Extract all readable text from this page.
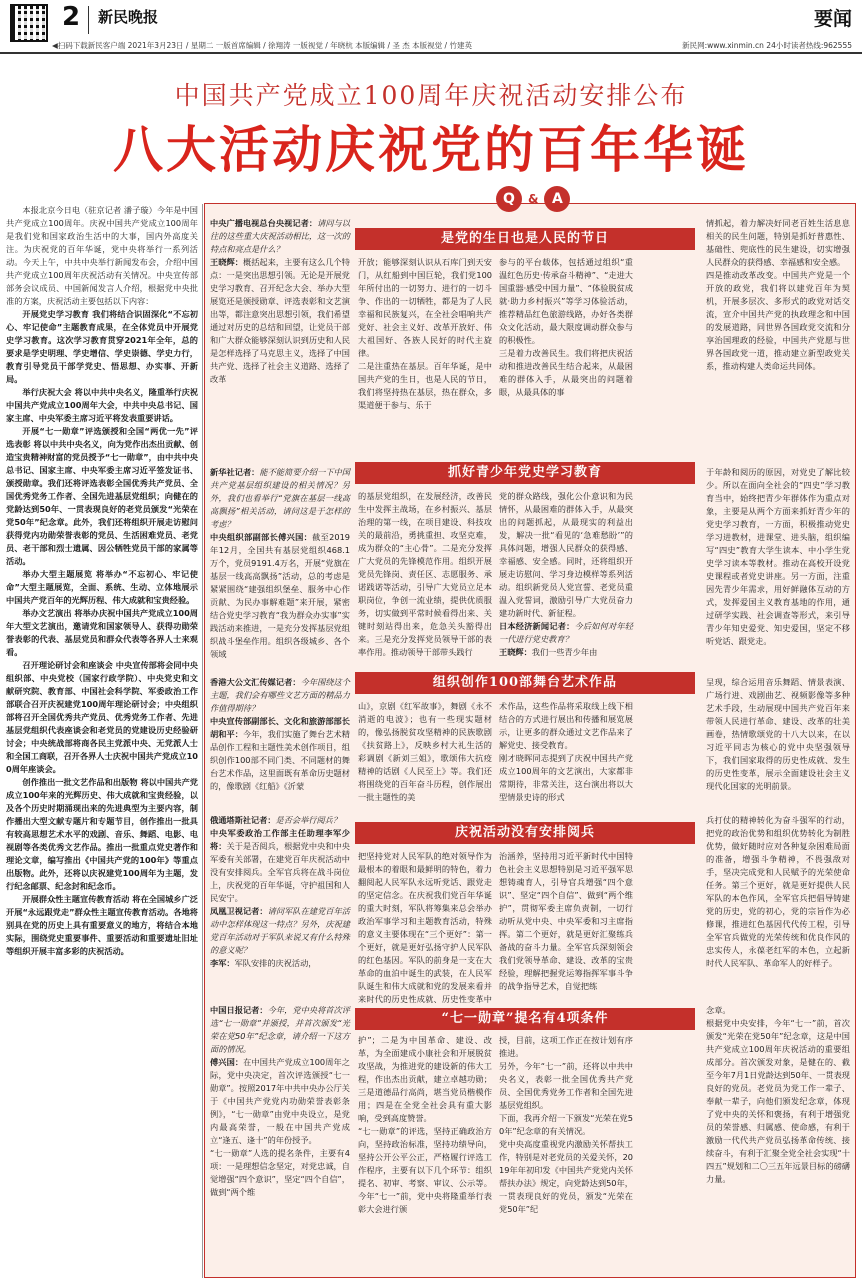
2 新民晚报	要闻
◀扫码下载新民客户端 2021年3月23日 / 星期二 一版首席编辑 / 徐翔涛 一版视觉 / 年晓杭 本版编辑 / 圣 杰 本版视觉 / 竹建英	新民网:www.xinmin.cn 24小时读者热线:962555
中国共产党成立100周年庆祝活动安排公布
八大活动庆祝党的百年华诞

本报北京今日电（驻京记者 潘子璇）今年是中国共产党成立100周年。庆祝中国共产党成立100周年是我们党和国家政治生活中的大事，国内外高度关注。为庆祝党的百年华诞，党中央将举行一系列活动。今天上午，中共中央举行新闻发布会，介绍中国共产党成立100周年庆祝活动有关情况。中央宣传部部务会议成员、中国新闻发言人介绍，根据党中央批准的方案，庆祝活动主要包括以下内容：

开展党史学习教育 我们将结合识固深化“不忘初心、牢记使命”主题教育成果，在全体党员中开展党史学习教育。这次学习教育贯穿2021年全年，总的要求是学史明理、学史增信、学史崇德、学史力行，教育引导党员干部学党史、悟思想、办实事、开新局。

举行庆祝大会 将以中共中央名义，隆重举行庆祝中国共产党成立100周年大会，中共中央总书记、国家主席、中央军委主席习近平将发表重要讲话。

开展“七一勋章”评选颁授和全国“两优一先”评选表彰 将以中共中央名义，向为党作出杰出贡献、创造宝贵精神财富的党员授予“七一勋章”，由中共中央总书记、国家主席、中央军委主席习近平签发证书、颁授勋章。我们还将评选表彰全国优秀共产党员、全国优秀党务工作者、全国先进基层党组织；向健在的党龄达到50年、一贯表现良好的老党员颁发“光荣在党50年”纪念章。此外，我们还将组织开展走访慰问获得党内功勋荣誉表彰的党员、生活困难党员、老党员、老干部和烈士遗属、因公牺牲党员干部的家属等活动。

举办大型主题展览 将举办“不忘初心、牢记使命”大型主题展览，全面、系统、生动、立体地展示中国共产党百年的光辉历程、伟大成就和宝贵经验。

举办文艺演出 将举办庆祝中国共产党成立100周年大型文艺演出，邀请党和国家领导人、获得功勋荣誉表彰的代表、基层党员和群众代表等各界人士来观看。

召开理论研讨会和座谈会 中央宣传部将会同中央组织部、中央党校（国家行政学院）、中央党史和文献研究院、教育部、中国社会科学院、军委政治工作部联合召开庆祝建党100周年理论研讨会；中央组织部将召开全国优秀共产党员、优秀党务工作者、先进基层党组织代表座谈会和老党员的党建设历史经验研讨会；中央统战部将商各民主党派中央、无党派人士和全国工商联，召开各界人士庆祝中国共产党成立100周年座谈会。

创作推出一批文艺作品和出版物 将以中国共产党成立100年来的光辉历史、伟大成就和宝贵经验，以及各个历史时期涌现出来的先进典型为主要内容，制作播出大型文献专题片和专题节目，创作推出一批具有较高思想艺术水平的戏剧、音乐、舞蹈、电影、电视剧等各类优秀文艺作品。推出一批重点党史著作和理论文章，编写推出《中国共产党的100年》等重点出版物。此外，还将以庆祝建党100周年为主题，发行纪念邮票、纪念封和纪念币。

开展群众性主题宣传教育活动 将在全国城乡广泛开展“永远跟党走”群众性主题宣传教育活动。各地将别具在党的历史上具有重要意义的地方，将结合本地实际，围绕党史重要事件、重要活动和重要遗址旧址等组织开展丰富多彩的庆祝活动。

Q	& A
是党的生日也是人民的节日
中央广播电视总台央视记者：请问与以往的这些重大庆祝活动相比，这一次的特点和亮点是什么？
王晓辉：概括起来，主要有这么几个特点：一是突出思想引领。无论是开展党史学习教育、召开纪念大会、举办大型展览还是颁授勋章、评选表彰和文艺演出等，都注意突出思想引领，我们希望通过对历史的总结和回望，让党员干部和广大群众能够深刻认识到历史和人民是怎样选择了马克思主义，选择了中国共产党、选择了社会主义道路、选择了改革
开放；能够深刻认识从石库门到天安门，从红船到中国巨轮，我们党100年所付出的一切努力、进行的一切斗争、作出的一切牺牲，都是为了人民幸福和民族复兴，在全社会唱响共产党好、社会主义好、改革开放好、伟大祖国好、各族人民好的时代主旋律。
二是注重热在基层。百年华诞，是中国共产党的生日，也是人民的节日，我们将坚持热在基层，热在群众，多渠道便于参与、乐于
参与的平台载体，包括通过组织“重温红色历史·传承奋斗精神”、“走进大国重器·感受中国力量”、“体验脱贫成就·助力乡村振兴”等学习体验活动，推荐精品红色旅游线路，办好各类群众文化活动，最大限度调动群众参与的积极性。
三是着力改善民生。我们将把庆祝活动和推进改善民生结合起来，从最困难的群体入手，从最突出的问题着眼，从最具体的事
情抓起，着力解决好同老百姓生活息息相关的民生问题，特别是抓好普惠性、基础性、兜底性的民生建设，切实增强人民群众的获得感、幸福感和安全感。
四是推动改革改变。中国共产党是一个开放的政党，我们将以建党百年为契机，开展多层次、多形式的政党对话交流，宣介中国共产党的执政理念和中国的发展道路，同世界各国政党交流和分享治国理政的经验，中国共产党愿与世界各国政党一道，推动建立新型政党关系，推动构建人类命运共同体。
抓好青少年党史学习教育
新华社记者：能不能简要介绍一下中国共产党基层组织建设的相关情况？另外，我们也看举行“党旗在基层一线高高飘扬”相关活动，请问这是于怎样的考虑？
中央组织部副部长傅兴国：截至2019年12月，全国共有基层党组织468.1万个，党员9191.4万名，开展“党旗在基层一线高高飘扬”活动，总的考虑是紧紧围绕“建强组织堡垒、服务中心作贡献、为民办事解难题”来开展，紧密结合党史学习教育“我为群众办实事”实践活动来推进，一是充分发挥基层党组织战斗堡垒作用。组织各级城乡、各个领域
的基层党组织，在发展经济，改善民生中发挥主战场，在乡村振兴、基层治理的第一线，在项目建设、科技攻关的最前沿，勇挑重担、攻坚克难，成为群众的“主心骨”。二是充分发挥广大党员的先锋模范作用。组织开展党员先锋岗、责任区、志愿服务、承诺践诺等活动，引导广大党员立足本职岗位，争创一流业绩，提供优质服务，切实做到平常时候看得出来、关键时刻站得出来，危急关头豁得出来。三是充分发挥党员领导干部的表率作用。推动领导干部带头践行
党的群众路线，强化公仆意识和为民情怀，从最困难的群体入手，从最突出的问题抓起，从最现实的利益出发，解决一批“看见的‘急难愁盼’”的具体问题，增强人民群众的获得感、幸福感、安全感。同时，还将组织开展走访慰问、学习身边模样等系列活动。组织新党员人党宣誓、老党员重温入党誓词，激励引导广大党员奋力建功新时代、新征程。
日本经济新闻记者：今后如何对年轻一代进行党史教育？
王晓辉：我们一些青少年由
于年龄和阅历的原因，对党史了解比较少。所以在面向全社会的“四史”学习教育当中，始终把青少年群体作为重点对象，主要是从两个方面来抓好青少年的党史学习教育，一方面，积极推动党史学习进教材，进课堂、进头脑，组织编写“四史”教育大学生读本、中小学生党史学习读本等教材。推动在高校开设党史课程或者党史讲座。另一方面，注重因先青少年需求，用好鲜融体互动的方式，发挥爱国主义教育基地的作用，通过研学实践、社会调查等形式，来引导青少年知史爱党、知史爱国，坚定不移听党话、跟党走。
组织创作100部舞台艺术作品
香港大公文汇传媒记者：今年围绕这个主题，我们会有哪些文艺方面的精品力作值得期待？
中央宣传部副部长、文化和旅游部部长胡和平：今年，我们实施了舞台艺术精品创作工程和主题性美术创作项目，组织创作100部不同门类、不同题材的舞台艺术作品，这里面既有革命历史题材的，像歌剧《红船》《沂蒙
山》，京剧《红军故事》，舞剧《永不消逝的电波》；也有一些现实题材的，像弘扬脱贫攻坚精神的民族歌剧《扶贫路上》，反映乡村大礼生活的彩调剧《新刘三姐》，歌颂伟大抗疫精神的话剧《人民至上》等。我们还将围绕党的百年奋斗历程，创作展出一批主题性的美
术作品，这些作品将采取线上线下相结合的方式进行展出和传播和展览展示，让更多的群众通过文艺作品来了解党史、接受教育。
刚才晓晖同志提到了庆祝中国共产党成立100周年的文艺演出，大家都非常期待，非常关注，这台演出将以大型情景史诗的形式
呈现，综合运用音乐舞蹈、情景表演、广场行进、戏剧曲艺、视频影像等多种艺术手段，生动展现中国共产党百年来带领人民进行革命、建设、改革的壮美画卷，热情歌颂党的十八大以来，在以习近平同志为核心的党中央坚强领导下，我们国家取得的历史性成就、发生的历史性变革，展示全面建设社会主义现代化国家的光明前景。
庆祝活动没有安排阅兵
俄通塔斯社记者：是否会举行阅兵？
中央军委政治工作部主任助理李军少将：关于是否阅兵，根据党中央和中央军委有关部署，在建党百年庆祝活动中没有安排阅兵。全军官兵将在战斗岗位上，庆祝党的百年华诞，守护祖国和人民安宁。
凤凰卫视记者：请问军队在建党百年活动中怎样体现这一特点？另外，庆祝建党百年活动对于军队来说又有什么特殊的意义呢？
李军：军队安排的庆祝活动，
把坚持党对人民军队的绝对领导作为最根本的着眼和最鲜明的特色，着力翻阅起人民军队永远听党话、跟党走的坚定信念。在庆祝我们党百年华诞的重大时刻，军队将筹集来总会举办政治军事学习和主题教育活动，特殊的意义主要体现在“三个更好”：第一个更好，就是更好弘扬守护人民军队的红色基因。军队的前身是一支在大革命的血泊中诞生的武装，在人民军队诞生和伟大成就和党的发展来看并来时代的历史性成就、历史性变革中
治涵养，坚持用习近平新时代中国特色社会主义思想特别是习近平强军思想铸魂育人，引导官兵增强“四个意识”、坚定“四个自信”、做到“两个维护”，贯彻军委主席负责制，一切行动听从党中央、中央军委和习主席指挥。第二个更好，就是更好汇聚练兵备战的奋斗力量。全军官兵深刻领会我们党领导革命、建设、改革的宝贵经验，理解把握党运筹指挥军事斗争的战争指导艺术，自觉把练
兵打仗的精神转化为奋斗强军的行动，把党的政治优势和组织优势转化为制胜优势，做好随时应对各种复杂困难局面的准备，增强斗争精神，不畏强敌对手，坚决完成党和人民赋予的光荣使命任务。第三个更好，就是更好提供人民军队的本色作风，全军官兵把倡导铸建党的历史，党的初心，党的宗旨作为必修课，推进红色基因代代传工程，引导全军官兵做党的光荣传统和优良作风的忠实传人，永葆老红军的本色，立起新时代人民军队、革命军人的好样子。
“七一勋章”提名有4项条件
中国日报记者：今年，党中央将首次评选“七一勋章”并颁授，并首次颁发“光荣在党50年”纪念章，请介绍一下这方面的情况。
傅兴国：在中国共产党成立100周年之际，党中央决定，首次评选颁授“七一勋章”。按照2017年中共中央办公厅关于《中国共产党党内功勋荣誉表彰条例》，“七一勋章”由党中央设立，是党内最高荣誉，一般在中国共产党成立“逢五、逢十”的年份授予。
“七一勋章”人选的提名条件，主要有4项：一是理想信念坚定，对党忠诚，自觉增强“四个意识”，坚定“四个自信”，做到“两个维
护”；二是为中国革命、建设、改革，为全面建成小康社会和开展脱贫攻坚战，为推进党的建设新的伟大工程，作出杰出贡献，建立卓越功勋；三是道德品行高尚，堪当党员楷模作用；四是在全党全社会具有重大影响，受到高度赞誉。
“七一勋章”的评选，坚持正确政治方向，坚持政治标准，坚持功绩导向，坚持公开公平公正，严格履行评选工作程序，主要有以下几个环节：组织提名、初审、考察、审议、公示等。今年“七一”前，党中央将隆重举行表彰大会进行颁
授，目前，这项工作正在按计划有序推进。
另外，今年“七一”前，还将以中共中央名义，表彰一批全国优秀共产党员、全国优秀党务工作者和全国先进基层党组织。
下面，我再介绍一下颁发“光荣在党50年”纪念章的有关情况。
党中央高度重视党内激励关怀帮扶工作，特别是对老党员的关爱关怀，2019年年初印发《中国共产党党内关怀帮扶办法》规定，向党龄达到50年，一贯表现良好的党员，颁发“光荣在党50年”纪
念章。
根据党中央安排，今年“七一”前，首次颁发“光荣在党50年”纪念章，这是中国共产党成立100周年庆祝活动的重要组成部分。首次颁发对象，是健在的、截至今年7月1日党龄达到50年、一贯表现良好的党员。老党员为党工作一辈子、奉献一辈子，向他们颁发纪念章，体现了党中央的关怀和褒扬，有利于增强党员的荣誉感、归属感、使命感，有利于激励一代代共产党员弘扬革命传统、接续奋斗，有利于汇聚全党全社会实现“十四五”规划和二〇三五年远景目标的磅礴力量。
